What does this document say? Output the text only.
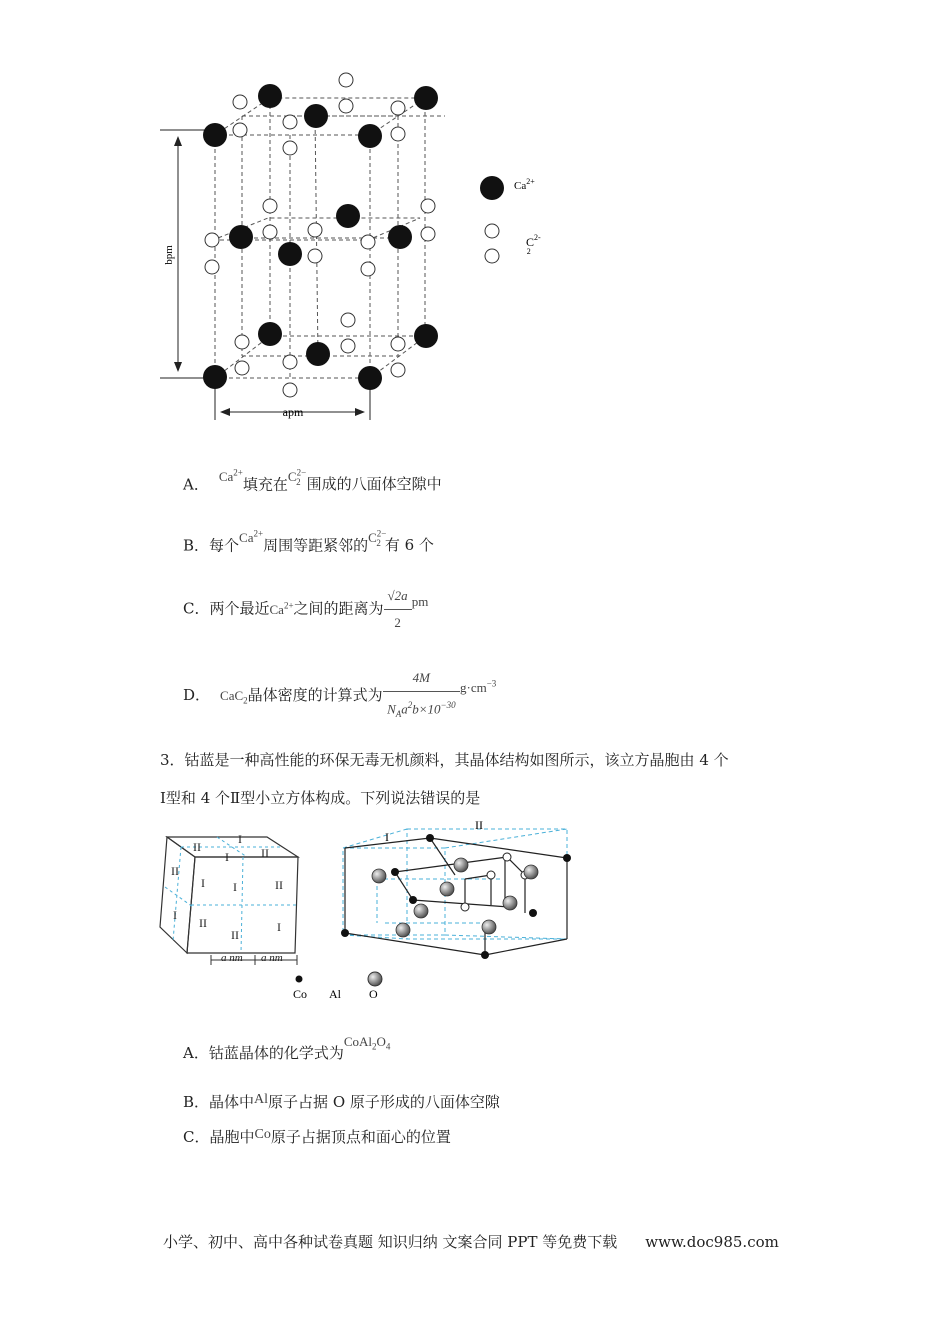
bpm
apm
$Ca^{2+}$
$C^{2-}2$
A． $Ca^{2+}$填充在$C^{2-}_2$ 围成的八面体空隙中
B．每个$Ca^{2+}$周围等距紧邻的$C^{2-}_2$ 有 6 个
C．两个最近$Ca^{2+}$之间的距离为 $\frac{√2a}{2}$ pm
D． CaC$_2$晶体密度的计算式为 $\frac{4M}{N_Aa^2b\times 10^{-30}} g\cdot cm^{-3}$
3．钴蓝是一种高性能的环保无毒无机颜料，其晶体结构如图所示，该立方晶胞由 4 个
Ⅰ型和 4 个Ⅱ型小立方体构成。下列说法错误的是
II
I
I	II
II
I I	II
I
II
II
I
a nm a nm
I
II
Co Al O
A．钴蓝晶体的化学式为$CoAl_2O_4$
B．晶体中Al原子占据 O 原子形成的八面体空隙
C．晶胞中Co原子占据顶点和面心的位置
小学、初中、高中各种试卷真题 知识归纳 文案合同 PPT 等免费下载 www.doc985.com
